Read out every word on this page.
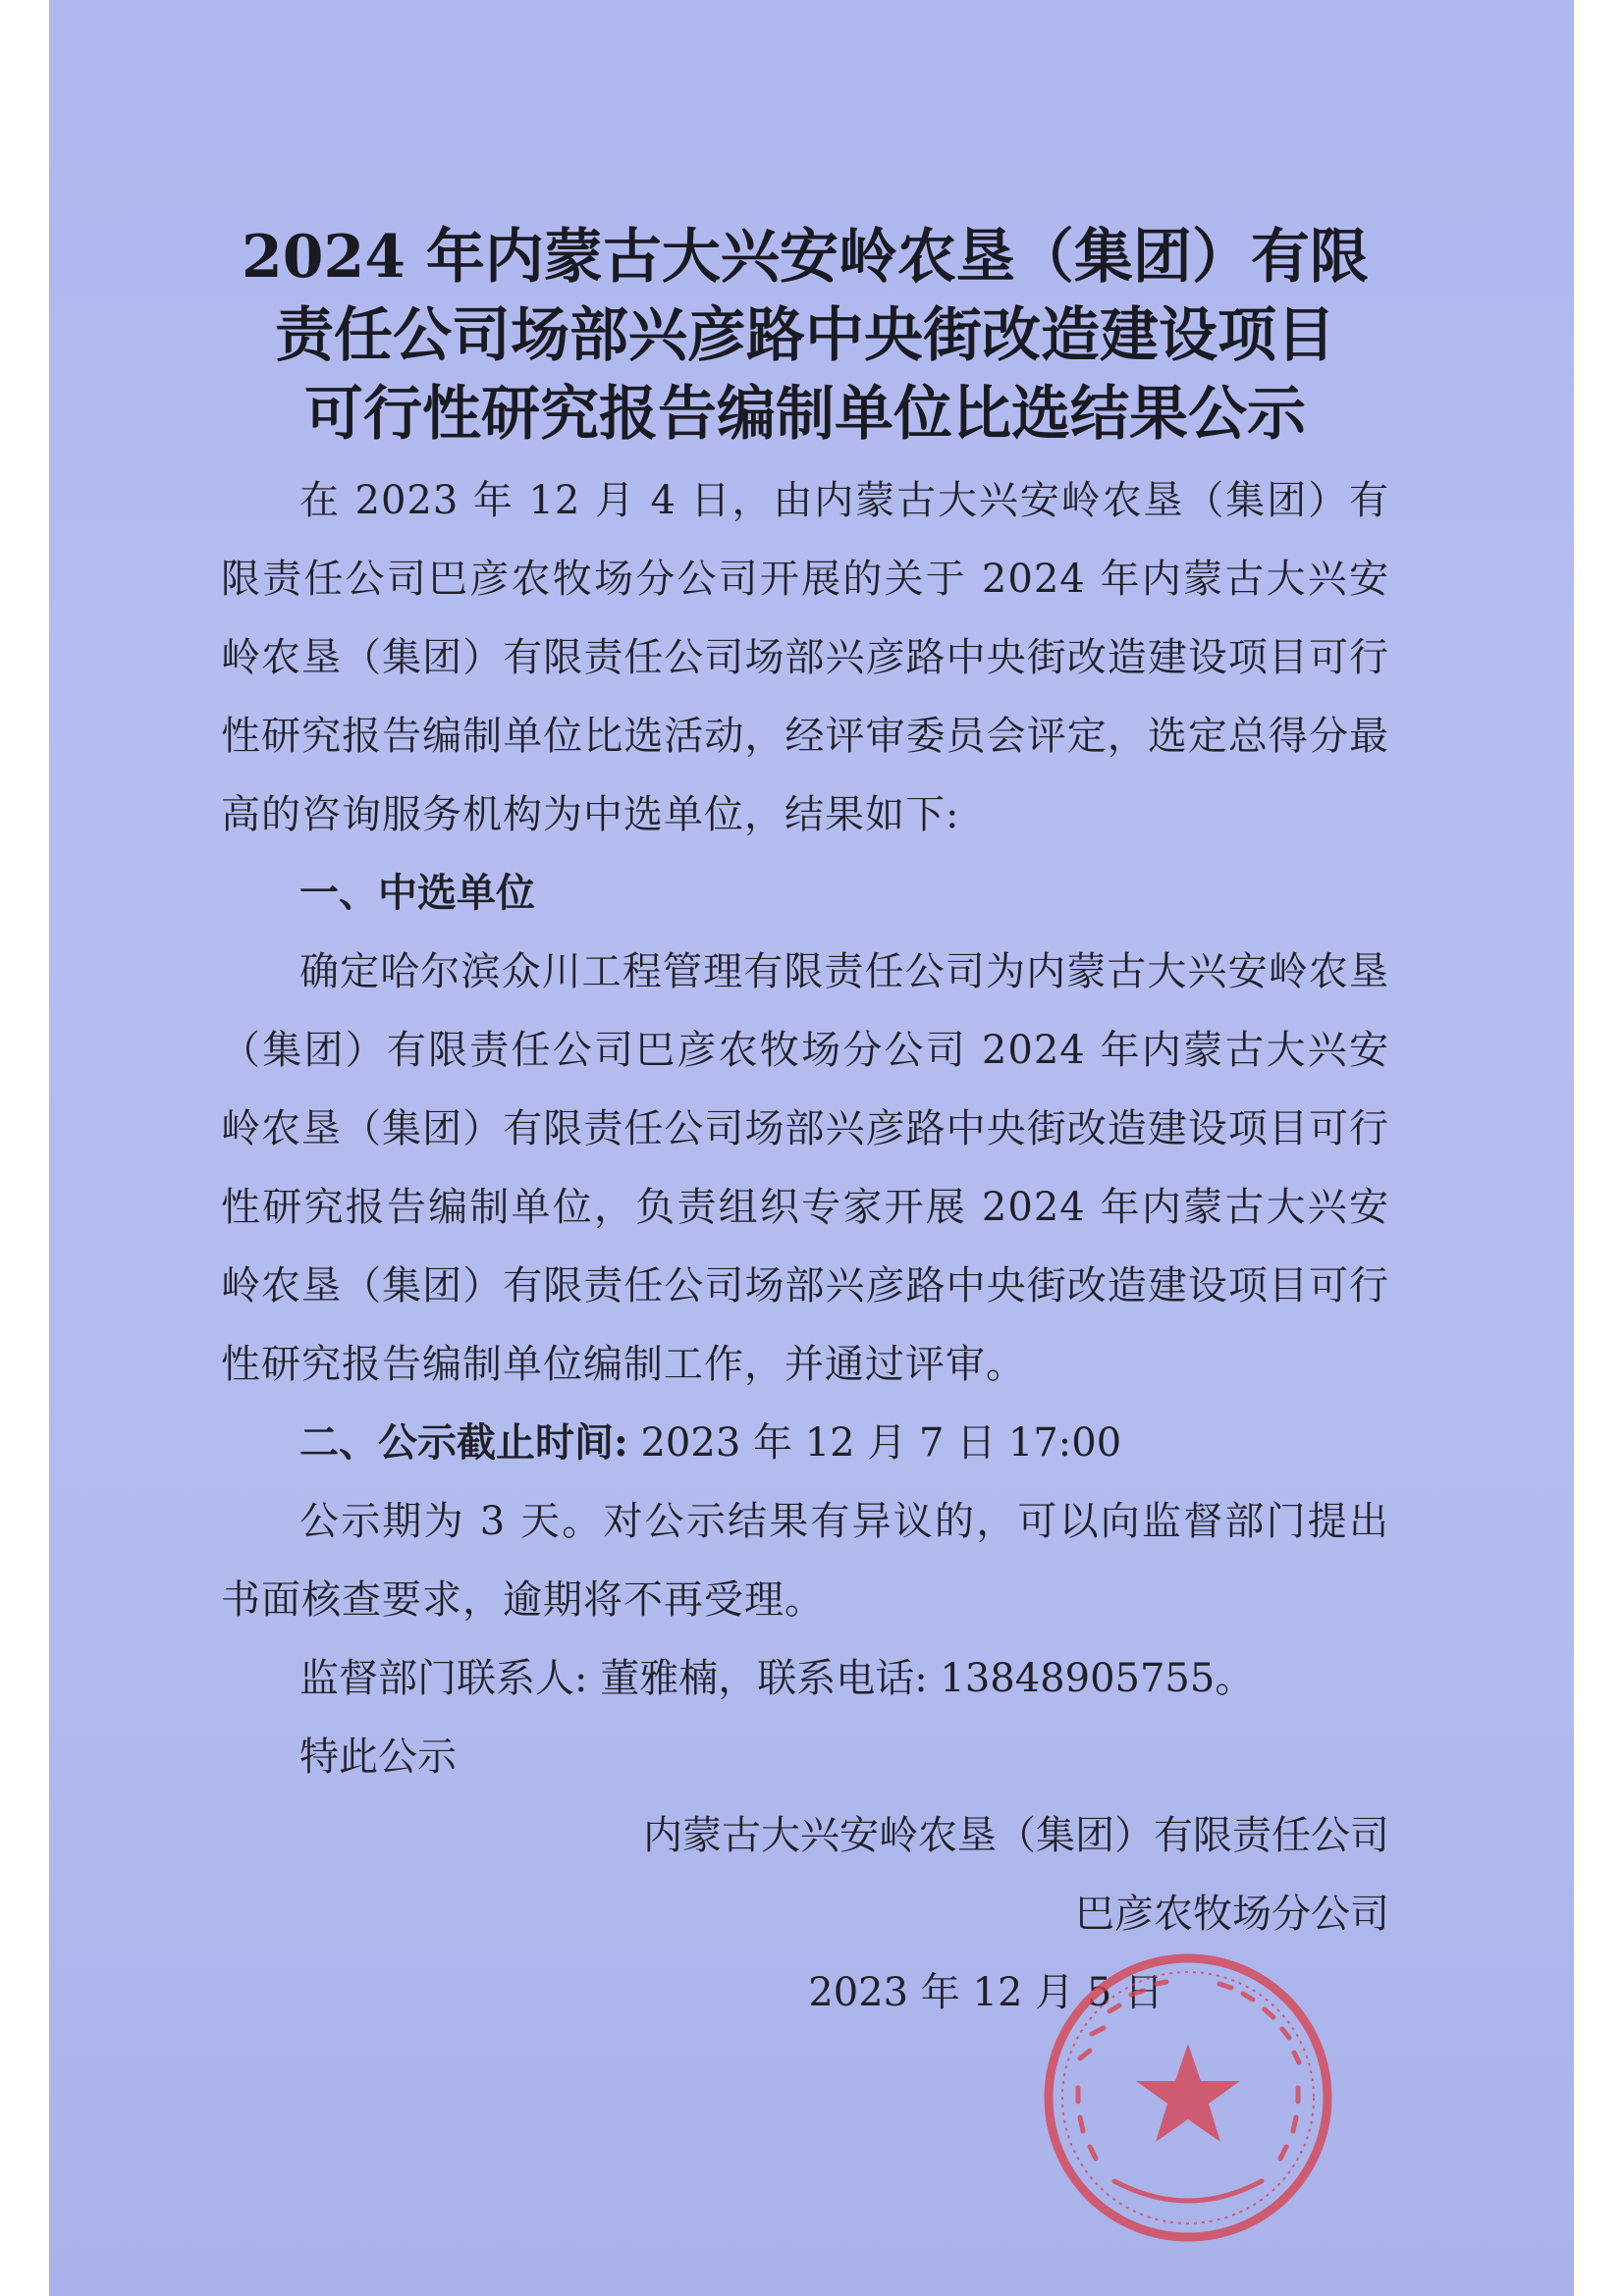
2024 年内蒙古大兴安岭农垦（集团）有限
责任公司场部兴彦路中央街改造建设项目
可行性研究报告编制单位比选结果公示

在 2023 年 12 月 4 日，由内蒙古大兴安岭农垦（集团）有限责任公司巴彦农牧场分公司开展的关于 2024 年内蒙古大兴安岭农垦（集团）有限责任公司场部兴彦路中央街改造建设项目可行性研究报告编制单位比选活动，经评审委员会评定，选定总得分最高的咨询服务机构为中选单位，结果如下:

一、中选单位

确定哈尔滨众川工程管理有限责任公司为内蒙古大兴安岭农垦（集团）有限责任公司巴彦农牧场分公司 2024 年内蒙古大兴安岭农垦（集团）有限责任公司场部兴彦路中央街改造建设项目可行性研究报告编制单位，负责组织专家开展 2024 年内蒙古大兴安岭农垦（集团）有限责任公司场部兴彦路中央街改造建设项目可行性研究报告编制单位编制工作，并通过评审。

二、公示截止时间: 2023 年 12 月 7 日 17:00

公示期为 3 天。对公示结果有异议的，可以向监督部门提出书面核查要求，逾期将不再受理。

监督部门联系人: 董雅楠，联系电话: 13848905755。

特此公示

内蒙古大兴安岭农垦（集团）有限责任公司

巴彦农牧场分公司

2023 年 12 月 5 日
